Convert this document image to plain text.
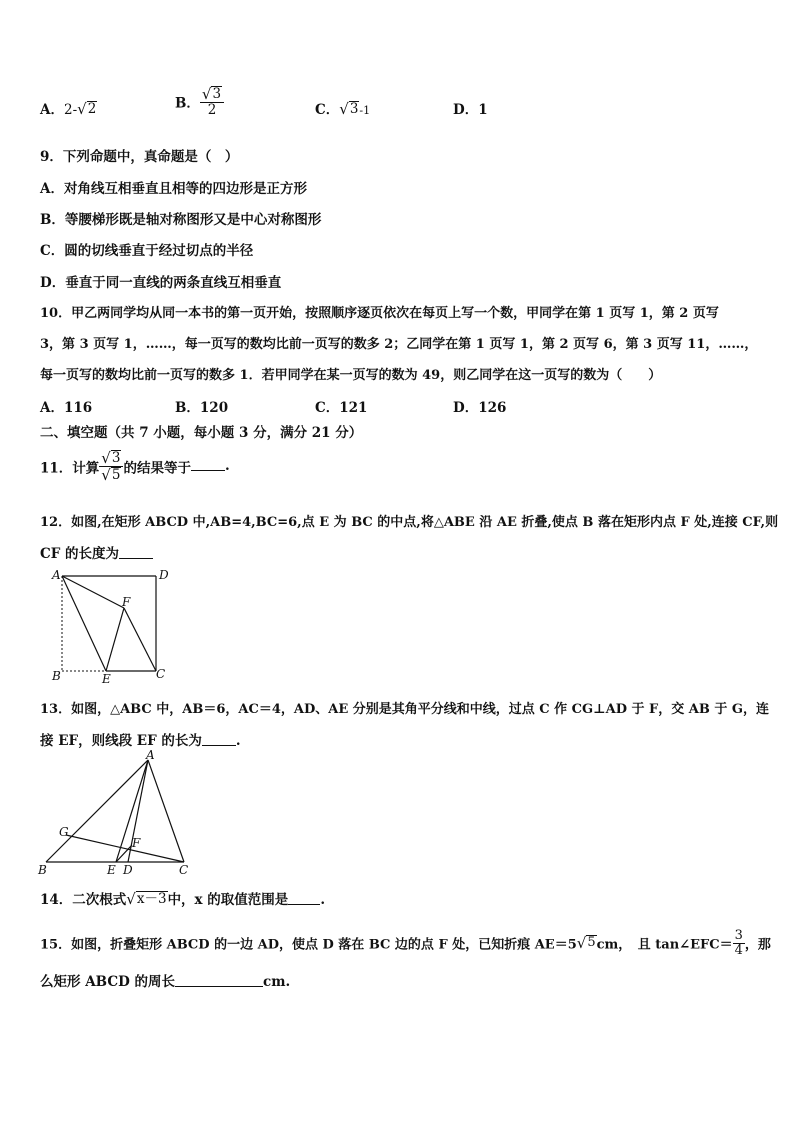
A．2- √ 2	B． $\frac{√ 3}{2}$	C． √ 3 -1	D．1
9．下列命题中，真命题是（　）
A．对角线互相垂直且相等的四边形是正方形
B．等腰梯形既是轴对称图形又是中心对称图形
C．圆的切线垂直于经过切点的半径
D．垂直于同一直线的两条直线互相垂直
10．甲乙两同学均从同一本书的第一页开始，按照顺序逐页依次在每页上写一个数，甲同学在第 1 页写 1，第 2 页写
3，第 3 页写 1，……，每一页写的数均比前一页写的数多 2；乙同学在第 1 页写 1，第 2 页写 6，第 3 页写 11，……，
每一页写的数均比前一页写的数多 1．若甲同学在某一页写的数为 49，则乙同学在这一页写的数为（　　）
A．116	B．120	C．121	D．126
二、填空题（共 7 小题，每小题 3 分，满分 21 分）
11．计算 $\frac{√ 3}{√ 5}$ 的结果等于	.
12．如图,在矩形 ABCD 中,AB=4,BC=6,点 E 为 BC 的中点,将△ABE 沿 AE 折叠,使点 B 落在矩形内点 F 处,连接 CF,则
CF 的长度为
A	D
F
B	E	C
13．如图，△ABC 中，AB＝6，AC＝4，AD、AE 分别是其角平分线和中线，过点 C 作 CG⊥AD 于 F，交 AB 于 G，连
接 EF，则线段 EF 的长为	.
A
G
F
B	E D	C
14．二次根式 √ x－3 中，x 的取值范围是 .
15．如图，折叠矩形 ABCD 的一边 AD，使点 D 落在 BC 边的点 F 处，已知折痕 AE＝5 √ 5 cm，　且 tan∠EFC＝ $\frac{3}{4}$ ，那
么矩形 ABCD 的周长	cm.
